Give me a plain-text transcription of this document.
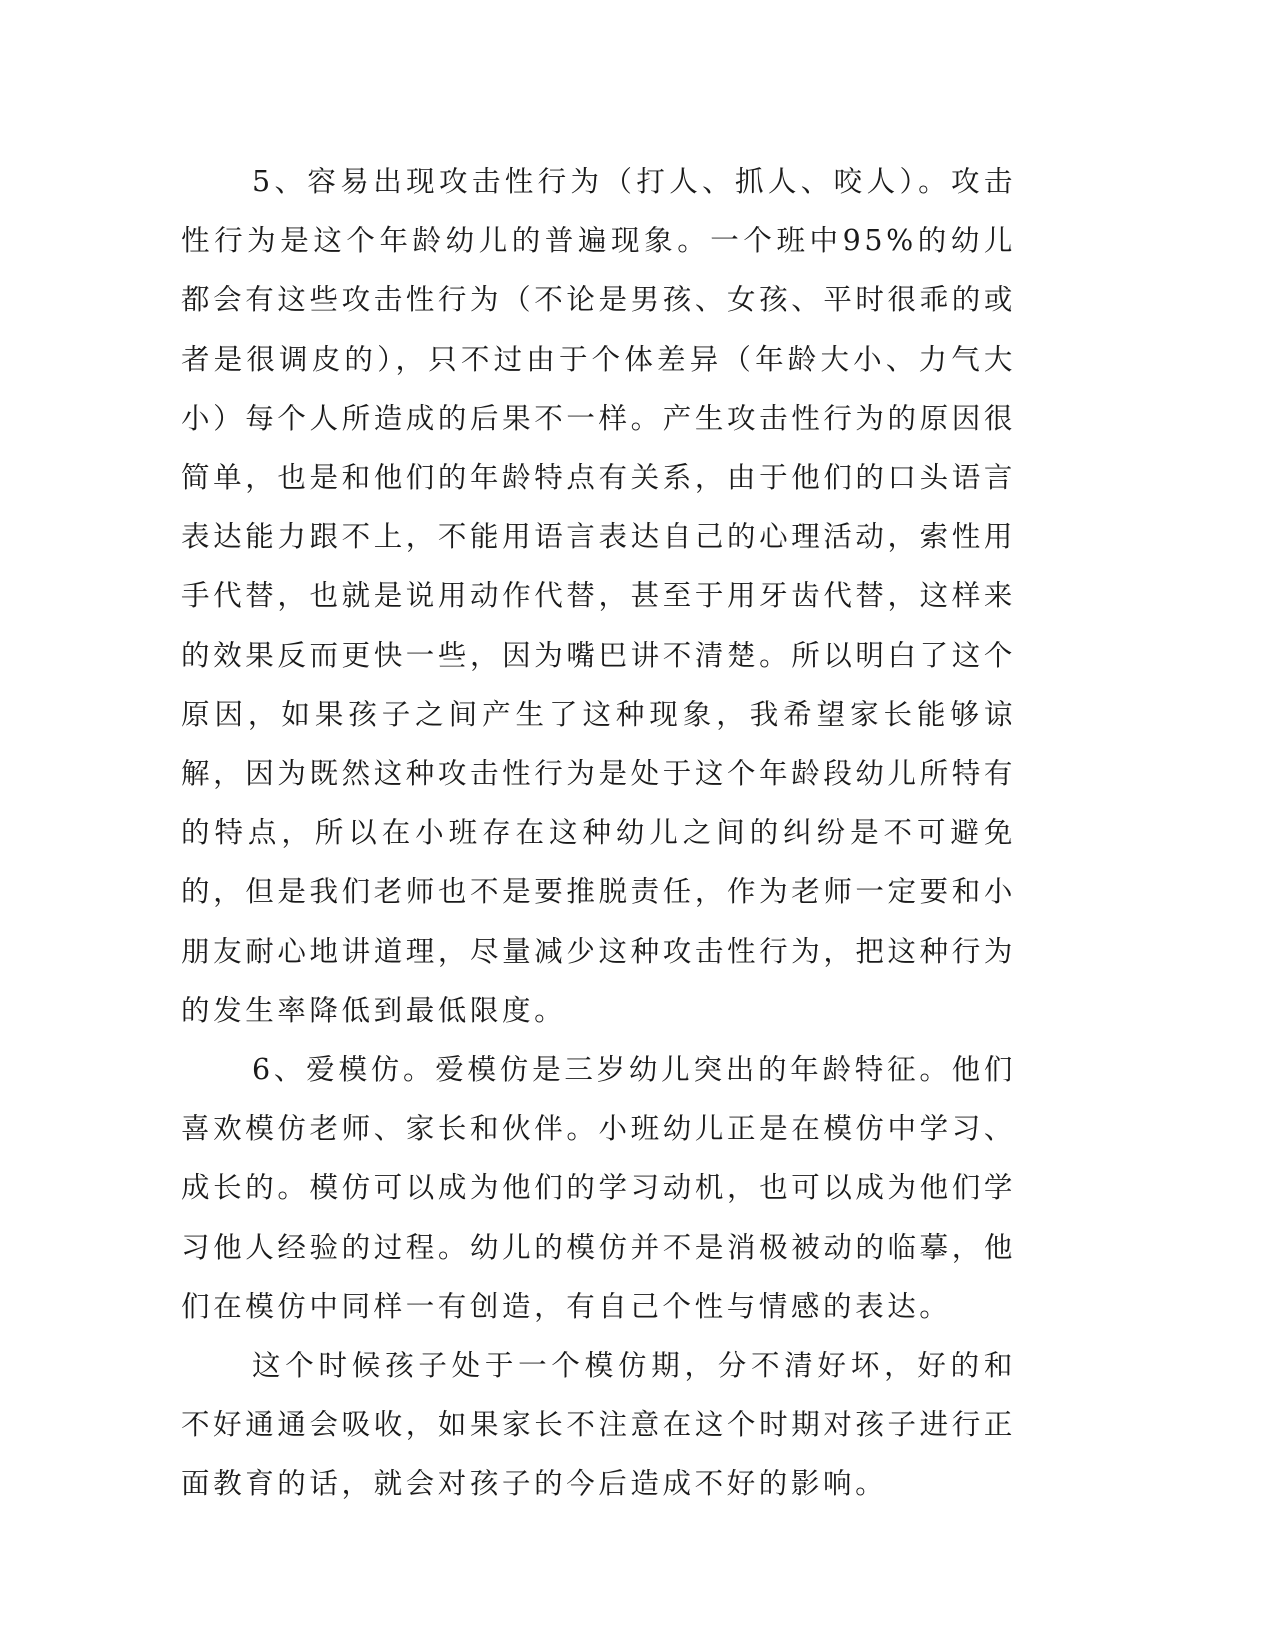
5、容易出现攻击性行为（打人、抓人、咬人）。攻击性行为是这个年龄幼儿的普遍现象。一个班中95%的幼儿都会有这些攻击性行为（不论是男孩、女孩、平时很乖的或者是很调皮的），只不过由于个体差异（年龄大小、力气大小）每个人所造成的后果不一样。产生攻击性行为的原因很简单，也是和他们的年龄特点有关系，由于他们的口头语言表达能力跟不上，不能用语言表达自己的心理活动，索性用手代替，也就是说用动作代替，甚至于用牙齿代替，这样来的效果反而更快一些，因为嘴巴讲不清楚。所以明白了这个原因，如果孩子之间产生了这种现象，我希望家长能够谅解，因为既然这种攻击性行为是处于这个年龄段幼儿所特有的特点，所以在小班存在这种幼儿之间的纠纷是不可避免的，但是我们老师也不是要推脱责任，作为老师一定要和小朋友耐心地讲道理，尽量减少这种攻击性行为，把这种行为的发生率降低到最低限度。

6、爱模仿。爱模仿是三岁幼儿突出的年龄特征。他们喜欢模仿老师、家长和伙伴。小班幼儿正是在模仿中学习、成长的。模仿可以成为他们的学习动机，也可以成为他们学习他人经验的过程。幼儿的模仿并不是消极被动的临摹，他们在模仿中同样一有创造，有自己个性与情感的表达。

这个时候孩子处于一个模仿期，分不清好坏，好的和不好通通会吸收，如果家长不注意在这个时期对孩子进行正面教育的话，就会对孩子的今后造成不好的影响。
